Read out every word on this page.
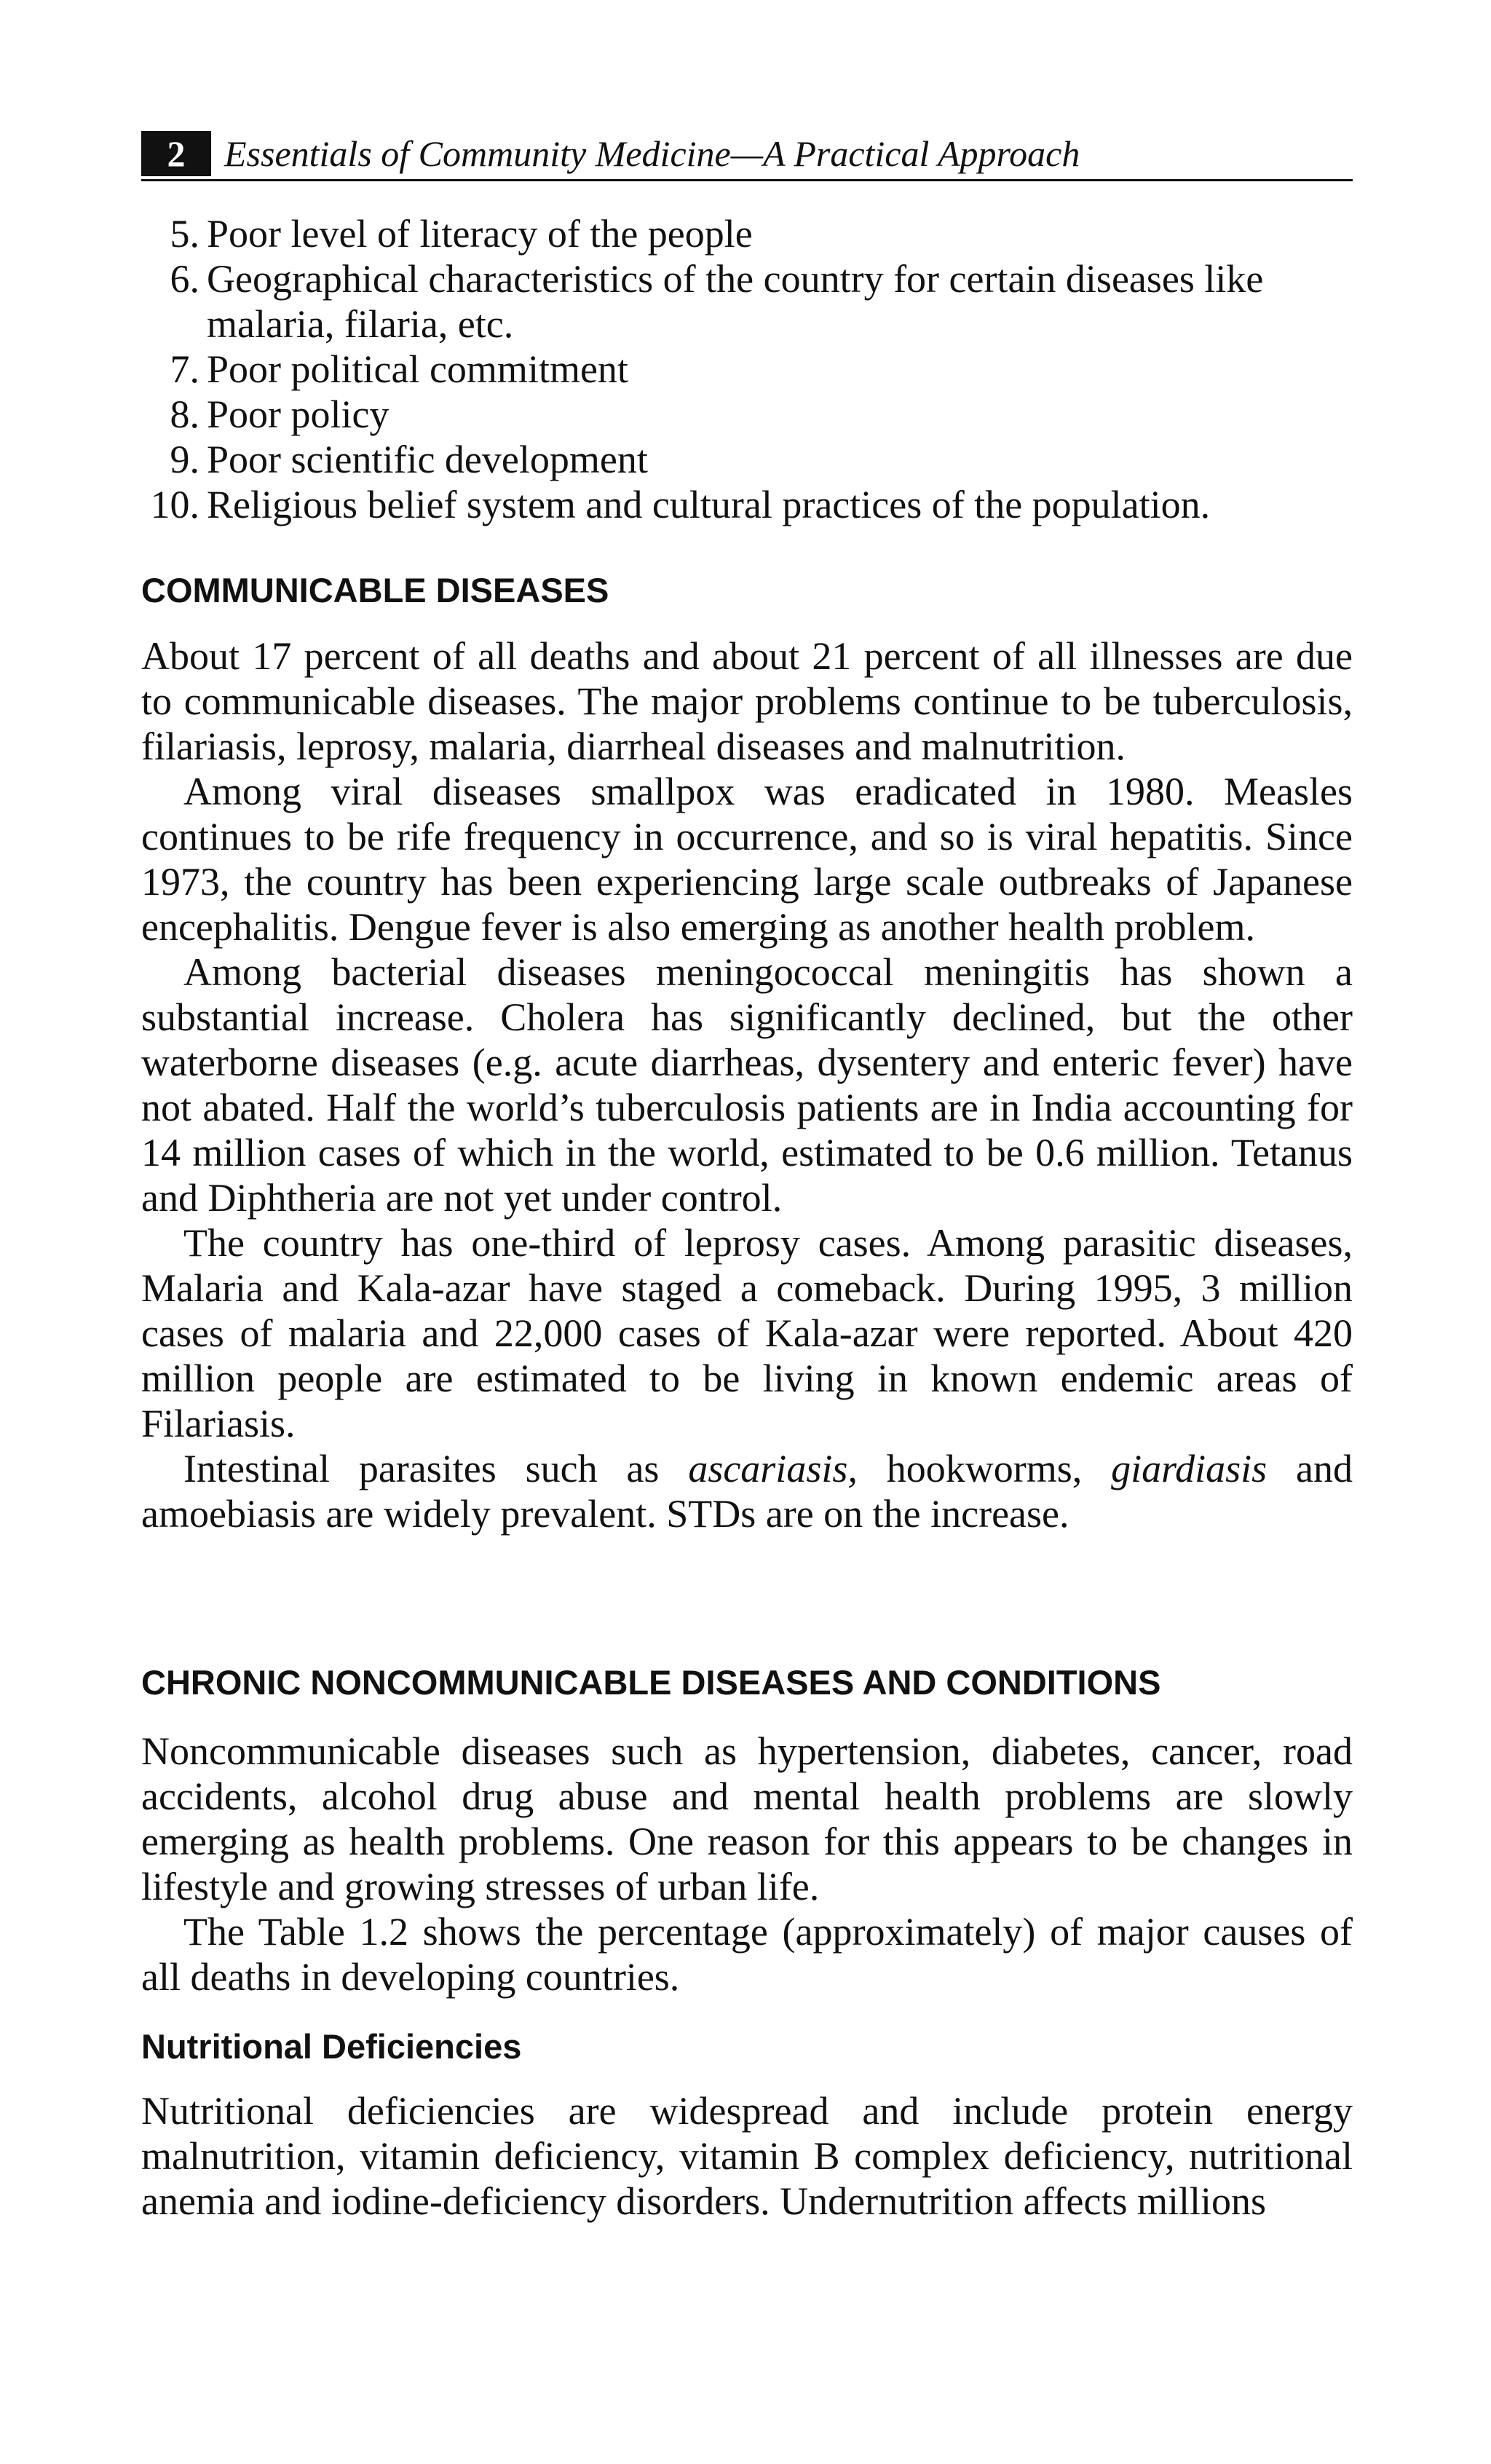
2	Essentials of Community Medicine—A Practical Approach
5. Poor level of literacy of the people
6. Geographical characteristics of the country for certain diseases like malaria, filaria, etc.
7. Poor political commitment
8. Poor policy
9. Poor scientific development
10. Religious belief system and cultural practices of the population.
COMMUNICABLE DISEASES

About 17 percent of all deaths and about 21 percent of all illnesses are due to communicable diseases. The major problems continue to be tuberculosis, filariasis, leprosy, malaria, diarrheal diseases and malnutrition.

Among viral diseases smallpox was eradicated in 1980. Measles continues to be rife frequency in occurrence, and so is viral hepatitis. Since 1973, the country has been experiencing large scale outbreaks of Japanese encephalitis. Dengue fever is also emerging as another health problem.

Among bacterial diseases meningococcal meningitis has shown a substantial increase. Cholera has significantly declined, but the other waterborne diseases (e.g. acute diarrheas, dysentery and enteric fever) have not abated. Half the world’s tuberculosis patients are in India accounting for 14 million cases of which in the world, estimated to be 0.6 million. Tetanus and Diphtheria are not yet under control.

The country has one-third of leprosy cases. Among parasitic diseases, Malaria and Kala-azar have staged a comeback. During 1995, 3 million cases of malaria and 22,000 cases of Kala-azar were reported. About 420 million people are estimated to be living in known endemic areas of Filariasis.

Intestinal parasites such as ascariasis, hookworms, giardiasis and amoebiasis are widely prevalent. STDs are on the increase.

CHRONIC NONCOMMUNICABLE DISEASES AND CONDITIONS

Noncommunicable diseases such as hypertension, diabetes, cancer, road accidents, alcohol drug abuse and mental health problems are slowly emerging as health problems. One reason for this appears to be changes in lifestyle and growing stresses of urban life.

The Table 1.2 shows the percentage (approximately) of major causes of all deaths in developing countries.

Nutritional Deficiencies

Nutritional deficiencies are widespread and include protein energy malnutrition, vitamin deficiency, vitamin B complex deficiency, nutritional anemia and iodine-deficiency disorders. Undernutrition affects millions
